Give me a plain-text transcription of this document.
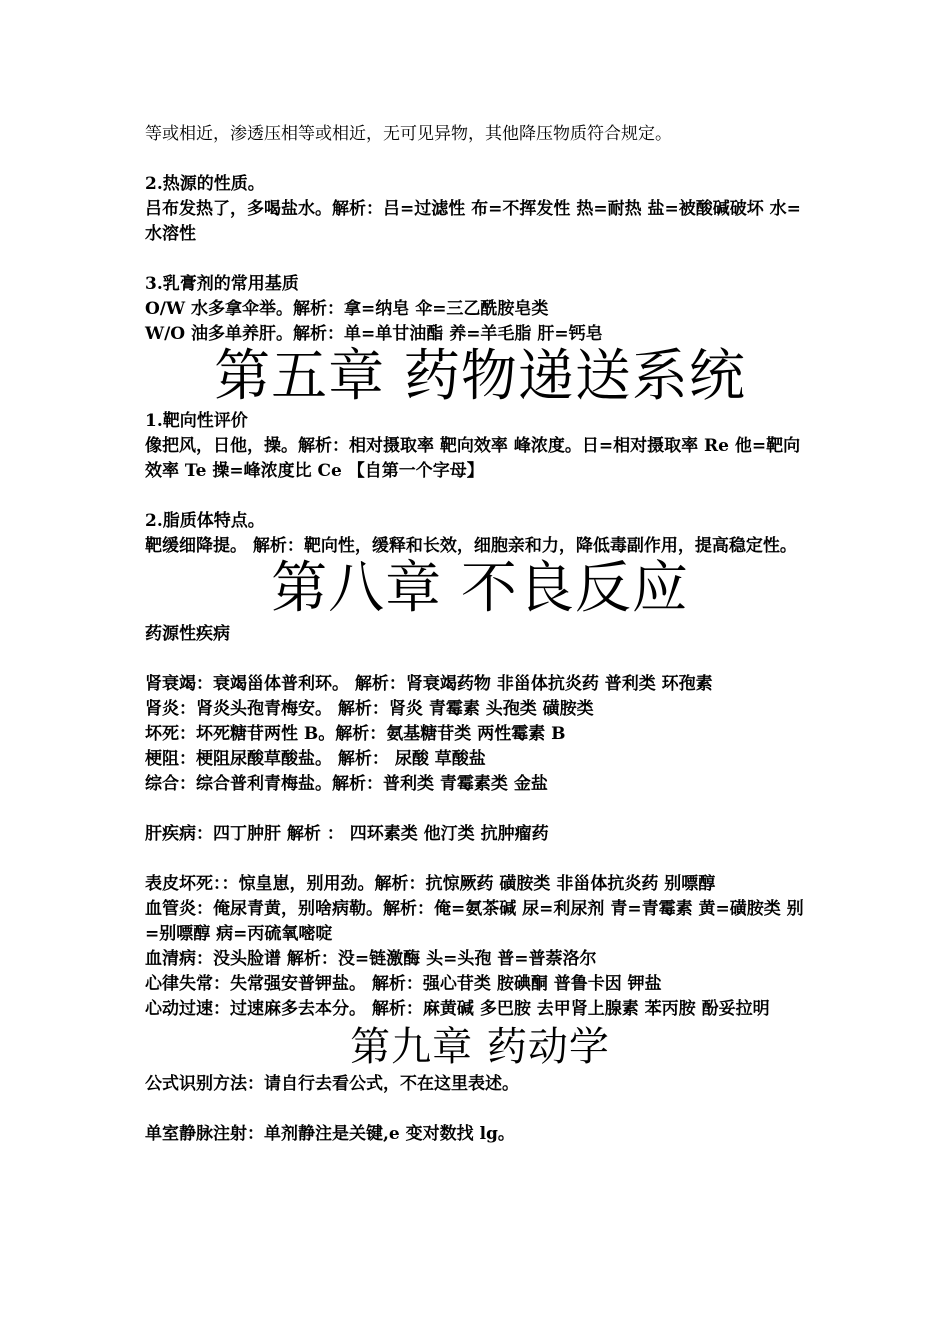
等或相近，渗透压相等或相近，无可见异物，其他降压物质符合规定。
2.热源的性质。
吕布发热了，多喝盐水。解析：吕=过滤性 布=不挥发性 热=耐热 盐=被酸碱破坏 水=水溶性
3.乳膏剂的常用基质
O/W 水多拿伞举。解析：拿=纳皂 伞=三乙酰胺皂类
W/O 油多单养肝。解析：单=单甘油酯 养=羊毛脂 肝=钙皂
第五章 药物递送系统
1.靶向性评价
像把风，日他，操。解析：相对摄取率 靶向效率 峰浓度。日=相对摄取率 Re 他=靶向效率 Te 操=峰浓度比 Ce 【自第一个字母】
2.脂质体特点。
靶缓细降提。 解析：靶向性，缓释和长效，细胞亲和力，降低毒副作用，提高稳定性。
第八章 不良反应
药源性疾病
肾衰竭：衰竭甾体普利环。 解析：肾衰竭药物 非甾体抗炎药 普利类 环孢素
肾炎：肾炎头孢青梅安。 解析：肾炎 青霉素 头孢类 磺胺类
坏死：坏死糖苷两性 B。解析：氨基糖苷类 两性霉素 B
梗阻：梗阻尿酸草酸盐。 解析： 尿酸 草酸盐
综合：综合普利青梅盐。解析：普利类 青霉素类 金盐
肝疾病：四丁肿肝 解析 ： 四环素类 他汀类 抗肿瘤药
表皮坏死：：惊皇崽，别用劲。解析：抗惊厥药 磺胺类 非甾体抗炎药 别嘌醇
血管炎：俺尿青黄，别啥病勒。解析：俺=氨茶碱 尿=利尿剂 青=青霉素 黄=磺胺类 别=别嘌醇 病=丙硫氧嘧啶
血清病：没头脸谱 解析：没=链激酶 头=头孢 普=普萘洛尔
心律失常：失常强安普钾盐。 解析：强心苷类 胺碘酮 普鲁卡因 钾盐
心动过速：过速麻多去本分。 解析：麻黄碱 多巴胺 去甲肾上腺素 苯丙胺 酚妥拉明
第九章 药动学
公式识别方法：请自行去看公式，不在这里表述。
单室静脉注射：单剂静注是关键,e 变对数找 lg。
